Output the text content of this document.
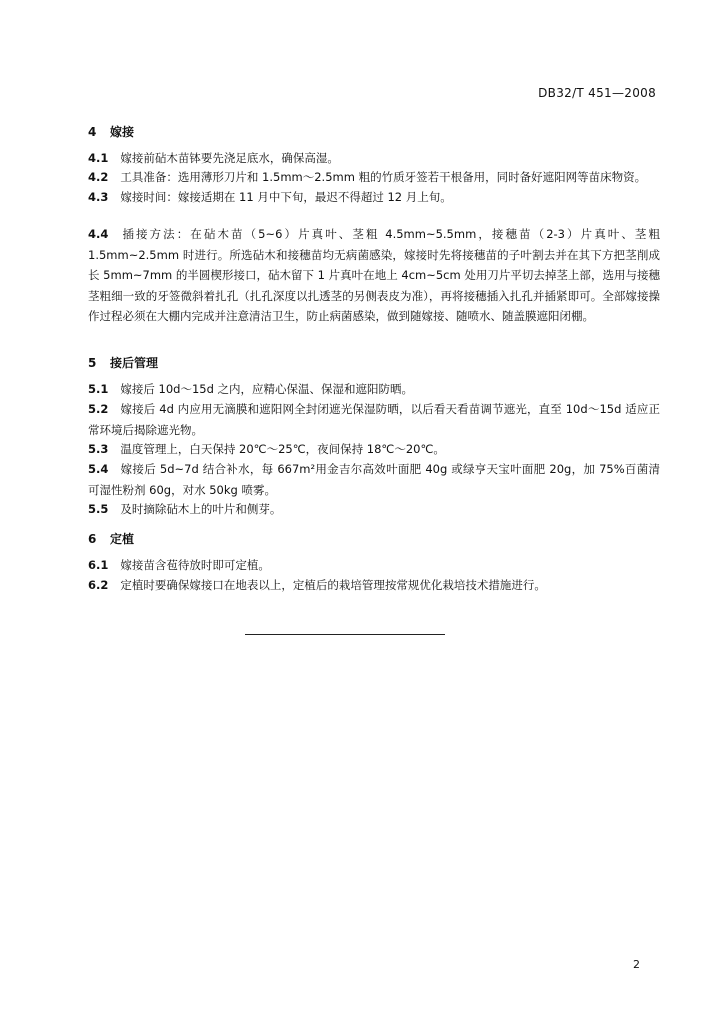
DB32/T 451—2008
4 嫁接
4.1 嫁接前砧木苗钵要先浇足底水，确保高湿。
4.2 工具准备：选用薄形刀片和 1.5mm～2.5mm 粗的竹质牙签若干根备用，同时备好遮阳网等苗床物资。
4.3 嫁接时间：嫁接适期在 11 月中下旬，最迟不得超过 12 月上旬。
4.4 插接方法：在砧木苗（5~6）片真叶、茎粗 4.5mm~5.5mm，接穗苗（2-3）片真叶、茎粗 1.5mm~2.5mm 时进行。所选砧木和接穗苗均无病菌感染，嫁接时先将接穗苗的子叶割去并在其下方把茎削成长 5mm~7mm 的半圆楔形接口，砧木留下 1 片真叶在地上 4cm~5cm 处用刀片平切去掉茎上部，选用与接穗茎粗细一致的牙签微斜着扎孔（扎孔深度以扎透茎的另侧表皮为准），再将接穗插入扎孔并插紧即可。全部嫁接操作过程必须在大棚内完成并注意清洁卫生，防止病菌感染，做到随嫁接、随喷水、随盖膜遮阳闭棚。
5 接后管理
5.1 嫁接后 10d～15d 之内，应精心保温、保湿和遮阳防晒。
5.2 嫁接后 4d 内应用无滴膜和遮阳网全封闭遮光保湿防晒，以后看天看苗调节遮光，直至 10d～15d 适应正常环境后揭除遮光物。
5.3 温度管理上，白天保持 20℃～25℃，夜间保持 18℃～20℃。
5.4 嫁接后 5d~7d 结合补水，每 667m²用金吉尔高效叶面肥 40g 或绿亨天宝叶面肥 20g，加 75%百菌清可湿性粉剂 60g，对水 50kg 喷雾。
5.5 及时摘除砧木上的叶片和侧芽。
6 定植
6.1 嫁接苗含苞待放时即可定植。
6.2 定植时要确保嫁接口在地表以上，定植后的栽培管理按常规优化栽培技术措施进行。
2
